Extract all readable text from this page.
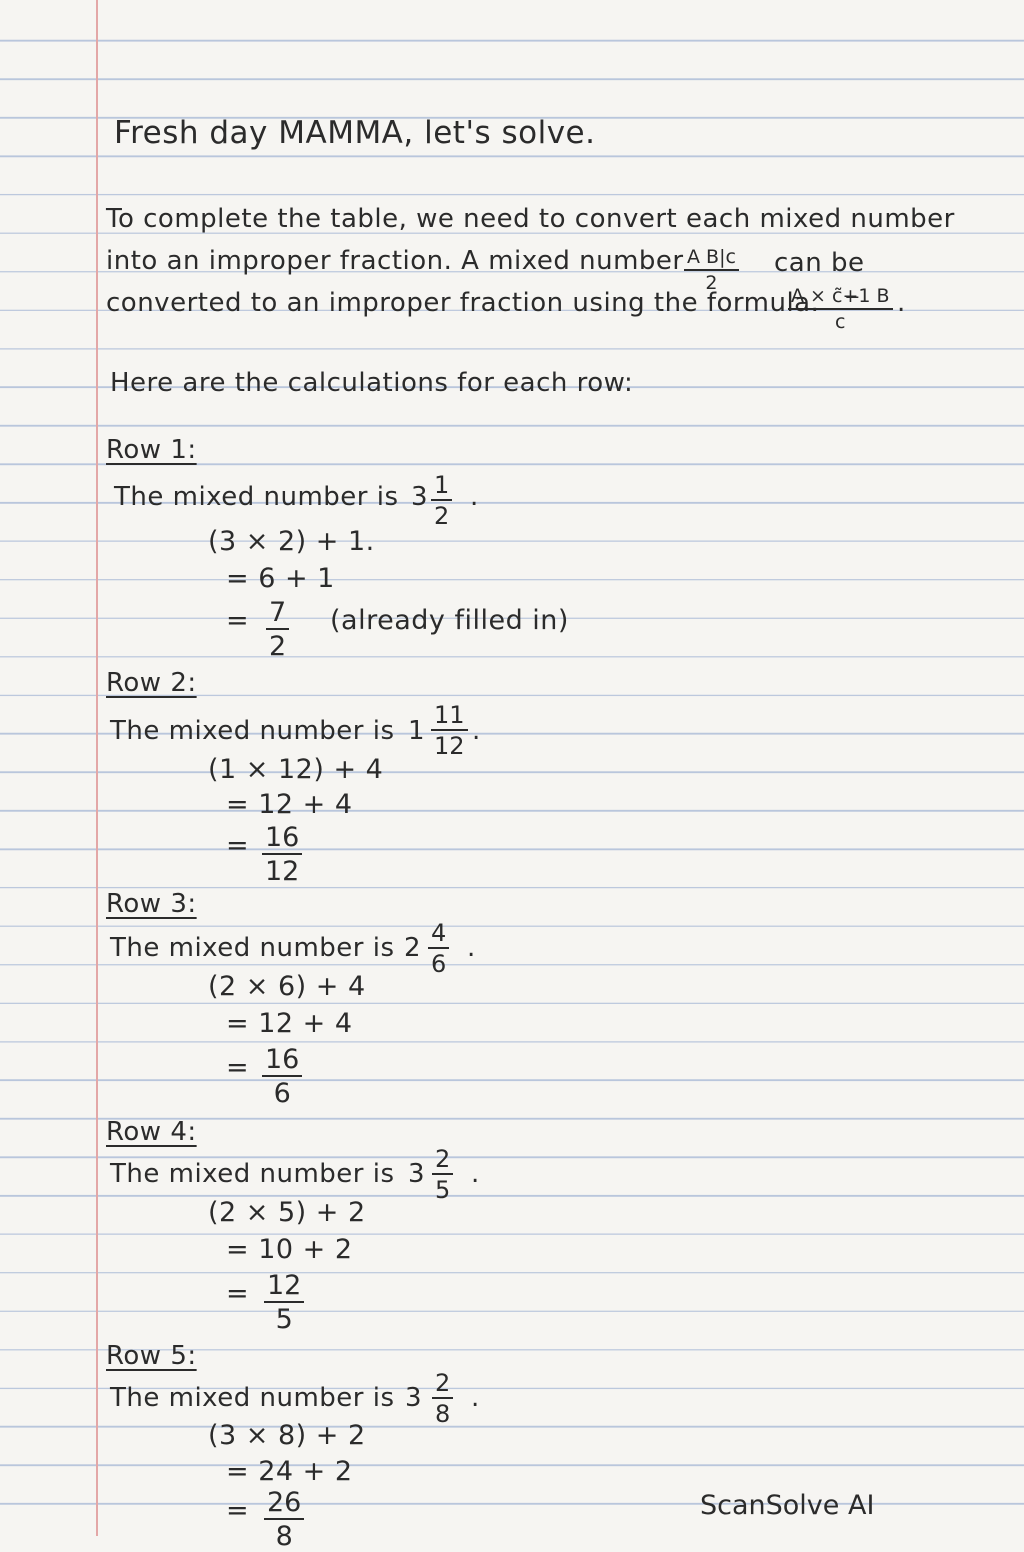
Fresh day MAMMA, let's solve.
To complete the table, we need to convert each mixed number
into an improper fraction. A mixed number $\frac{\text{A B|c}}{2}$ can be
converted to an improper fraction using the formula.
$\frac{A \times c̃+̶1 B}{c}$ .
Here are the calculations for each row:
Row 1:
The mixed number is $3 \frac{1}{2}$ .
(3 × 2) + 1.
= 6 + 1
= $\frac{7}{2}$ (already filled in)
Row 2:
The mixed number is $1 \frac{11}{12}$ .
(1 × 12) + 4
= 12 + 4
= $\frac{16}{12}$
Row 3:
The mixed number is $2 \frac{4}{6}$ .
(2 × 6) + 4
= 12 + 4
= $\frac{16}{6}$
Row 4:
The mixed number is $3 \frac{2}{5}$ .
(2 × 5) + 2
= 10 + 2
= $\frac{12}{5}$
Row 5:
The mixed number is $3 \frac{2}{8}$ .
(3 × 8) + 2
= 24 + 2
= $\frac{26}{8}$	ScanSolve AI
